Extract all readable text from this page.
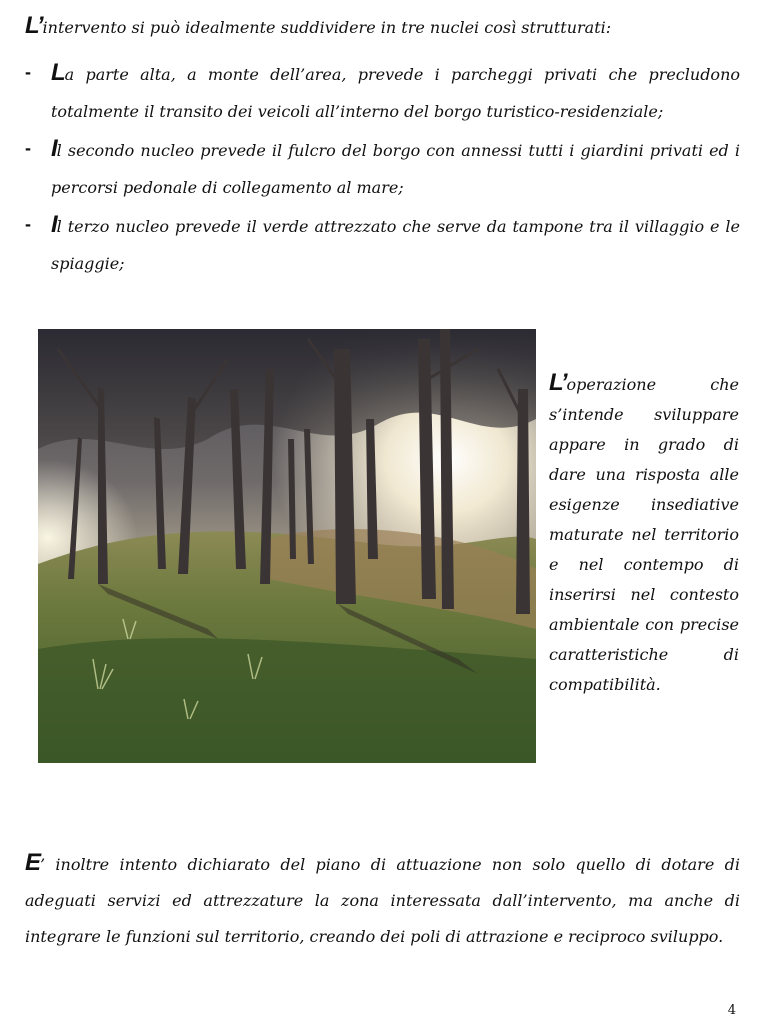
L’intervento si può idealmente suddividere in tre nuclei così strutturati:
- La parte alta, a monte dell’area, prevede i parcheggi privati che precludono totalmente il transito dei veicoli all’interno del borgo turistico-residenziale;
- Il secondo nucleo prevede il fulcro del borgo con annessi tutti i giardini privati ed i percorsi pedonale di collegamento al mare;
- Il terzo nucleo prevede il verde attrezzato che serve da tampone tra il villaggio e le spiaggie;

L’operazione che s’intende sviluppare appare in grado di dare una risposta alle esigenze insediative maturate nel territorio e nel contempo di inserirsi nel contesto ambientale con precise caratteristiche di compatibilità.

E’ inoltre intento dichiarato del piano di attuazione non solo quello di dotare di adeguati servizi ed attrezzature la zona interessata dall’intervento, ma anche di integrare le funzioni sul territorio, creando dei poli di attrazione e reciproco sviluppo.

4
